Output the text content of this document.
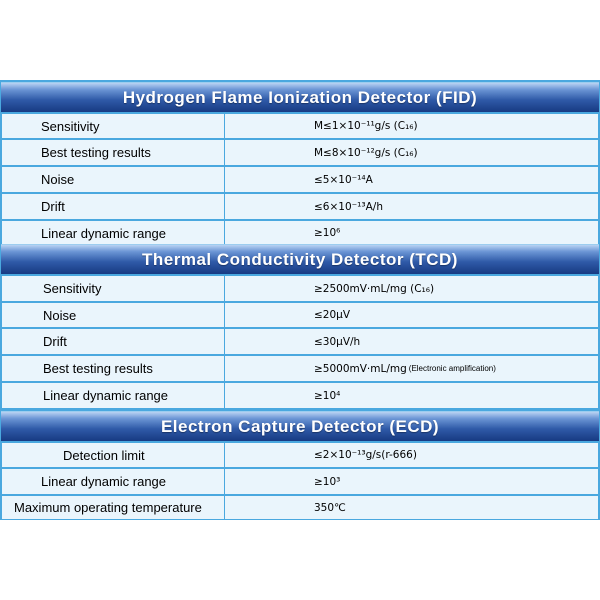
Hydrogen Flame Ionization Detector (FID)
Sensitivity	M≤1×10⁻¹¹g/s (C₁₆)
Best testing results	M≤8×10⁻¹²g/s (C₁₆)
Noise	≤5×10⁻¹⁴A
Drift	≤6×10⁻¹³A/h
Linear dynamic range	≥10⁶
Thermal Conductivity Detector (TCD)
Sensitivity	≥2500mV·mL/mg (C₁₆)
Noise	≤20μV
Drift	≤30μV/h
Best testing results	≥5000mV·mL/mg (Electronic amplification)
Linear dynamic range	≥10⁴
Electron Capture Detector (ECD)
Detection limit	≤2×10⁻¹³g/s(r-666)
Linear dynamic range	≥10³
Maximum operating temperature	350℃
